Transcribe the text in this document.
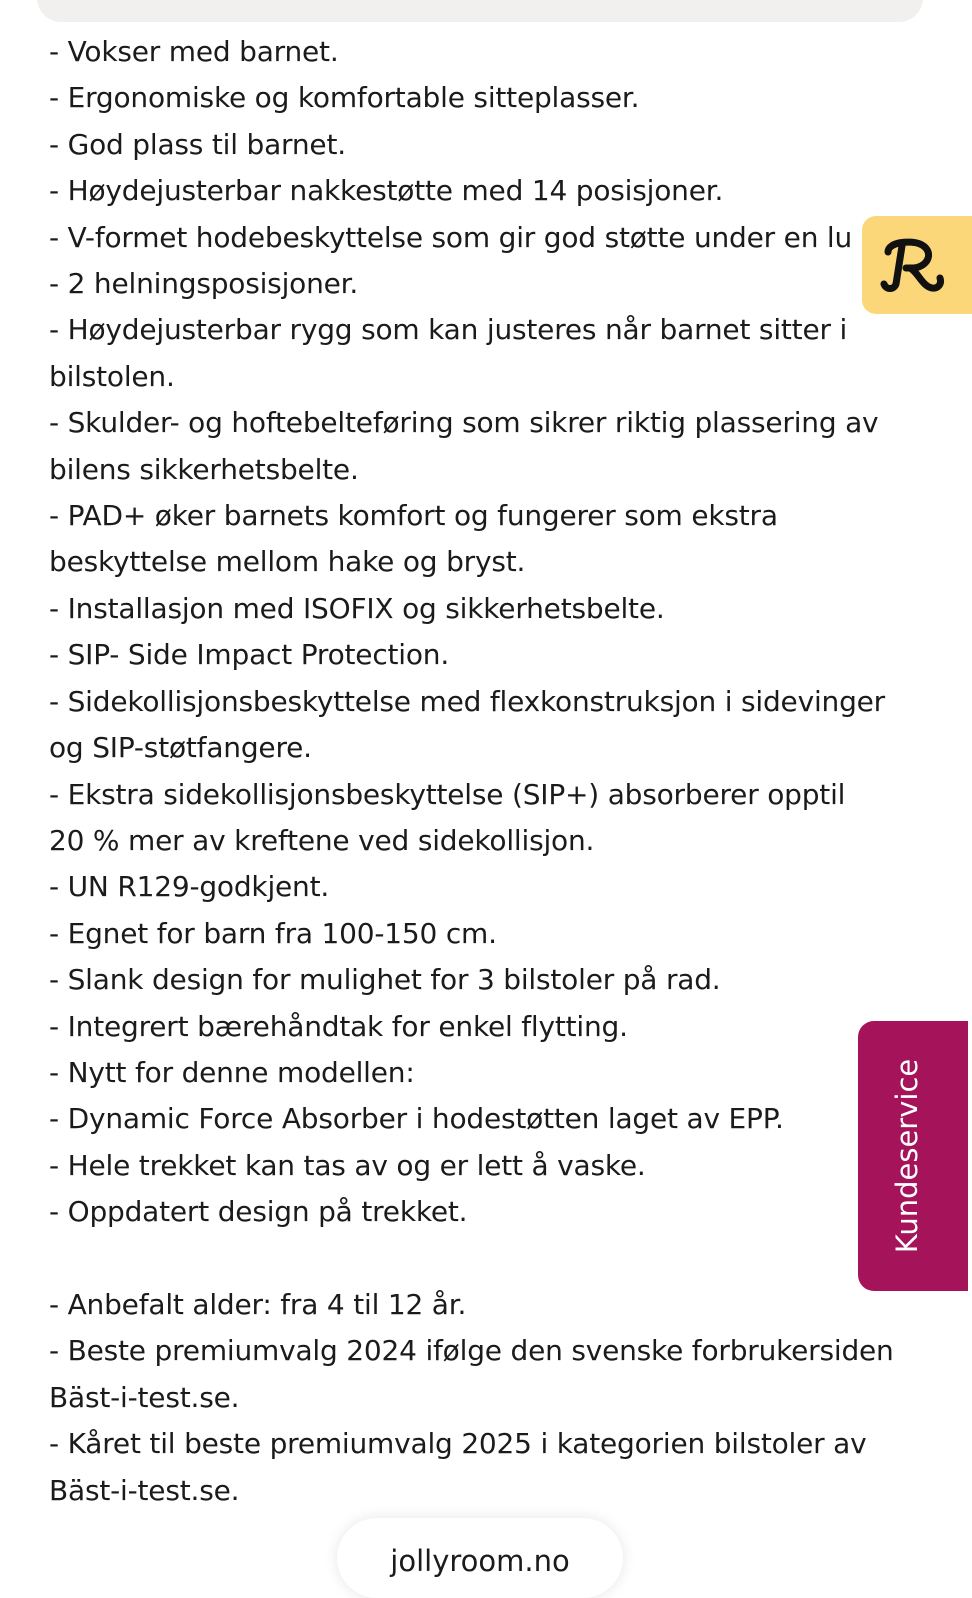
- Vokser med barnet.
- Ergonomiske og komfortable sitteplasser.
- God plass til barnet.
- Høydejusterbar nakkestøtte med 14 posisjoner.
- V-formet hodebeskyttelse som gir god støtte under en lu
- 2 helningsposisjoner.
- Høydejusterbar rygg som kan justeres når barnet sitter i
bilstolen.
- Skulder- og hoftebelteføring som sikrer riktig plassering av
bilens sikkerhetsbelte.
- PAD+ øker barnets komfort og fungerer som ekstra
beskyttelse mellom hake og bryst.
- Installasjon med ISOFIX og sikkerhetsbelte.
- SIP- Side Impact Protection.
- Sidekollisjonsbeskyttelse med flexkonstruksjon i sidevinger
og SIP-støtfangere.
- Ekstra sidekollisjonsbeskyttelse (SIP+) absorberer opptil
20 % mer av kreftene ved sidekollisjon.
- UN R129-godkjent.
- Egnet for barn fra 100-150 cm.
- Slank design for mulighet for 3 bilstoler på rad.
- Integrert bærehåndtak for enkel flytting.
- Nytt for denne modellen:
- Dynamic Force Absorber i hodestøtten laget av EPP.
- Hele trekket kan tas av og er lett å vaske.
- Oppdatert design på trekket.
- Anbefalt alder: fra 4 til 12 år.
- Beste premiumvalg 2024 ifølge den svenske forbrukersiden
Bäst-i-test.se.
- Kåret til beste premiumvalg 2025 i kategorien bilstoler av
Bäst-i-test.se.
Kundeservice
jollyroom.no
